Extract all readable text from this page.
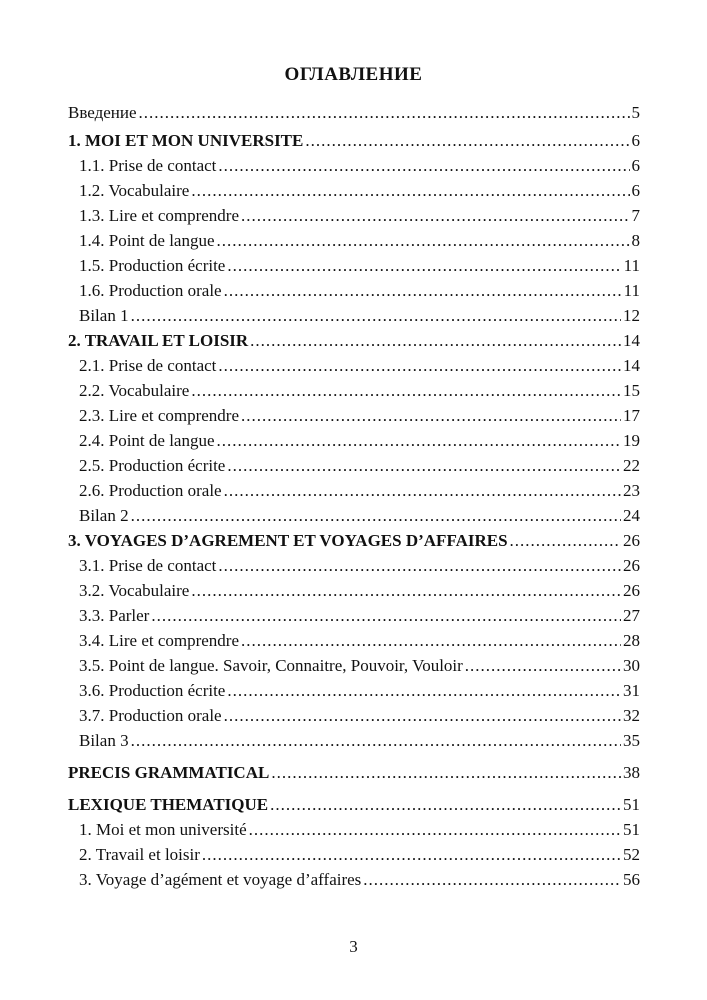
ОГЛАВЛЕНИЕ
Введение .....	5
1. MOI ET MON UNIVERSITE .....	6
1.1. Prise de contact .....	6
1.2. Vocabulaire .....	6
1.3. Lire et comprendre .....	7
1.4. Point de langue .....	8
1.5. Production écrite .....	11
1.6. Production orale .....	11
Bilan 1 .....	12
2. TRAVAIL ET LOISIR .....	14
2.1. Prise de contact .....	14
2.2. Vocabulaire .....	15
2.3. Lire et comprendre .....	17
2.4. Point de langue .....	19
2.5. Production écrite .....	22
2.6. Production orale .....	23
Bilan 2 .....	24
3. VOYAGES D’AGREMENT ET VOYAGES D’AFFAIRES .....	26
3.1. Prise de contact .....	26
3.2. Vocabulaire .....	26
3.3. Parler .....	27
3.4. Lire et comprendre .....	28
3.5. Point de langue. Savoir, Connaitre, Pouvoir, Vouloir .....	30
3.6. Production écrite .....	31
3.7. Production orale .....	32
Bilan 3 .....	35
PRECIS GRAMMATICAL .....	38
LEXIQUE THEMATIQUE .....	51
1. Moi et mon université .....	51
2. Travail et loisir .....	52
3. Voyage d’agément et voyage d’affaires .....	56
3
